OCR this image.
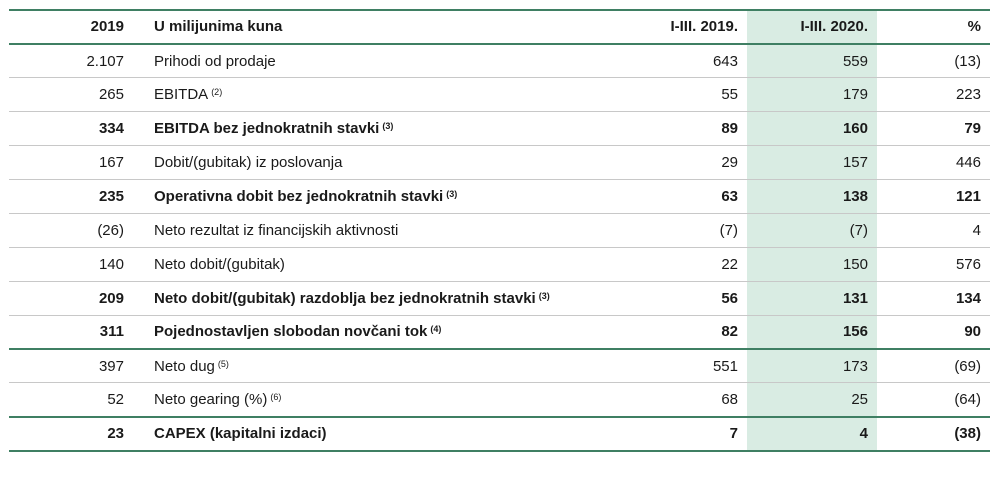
2019	U milijunima kuna	I-III. 2019.	I-III. 2020.	%
2.107	Prihodi od prodaje	643	559	(13)
265	EBITDA $^{(2)}$	55	179	223
334	EBITDA bez jednokratnih stavki $^{(3)}$	89	160	79
167	Dobit/(gubitak) iz poslovanja	29	157	446
235	Operativna dobit bez jednokratnih stavki $^{(3)}$	63	138	121
(26)	Neto rezultat iz financijskih aktivnosti	(7)	(7)	4
140	Neto dobit/(gubitak)	22	150	576
209	Neto dobit/(gubitak) razdoblja bez jednokratnih stavki $^{(3)}$	56	131	134
311	Pojednostavljen slobodan novčani tok $^{(4)}$	82	156	90
397	Neto dug $^{(5)}$	551	173	(69)
52	Neto gearing (%) $^{(6)}$	68	25	(64)
23	CAPEX (kapitalni izdaci)	7	4	(38)
